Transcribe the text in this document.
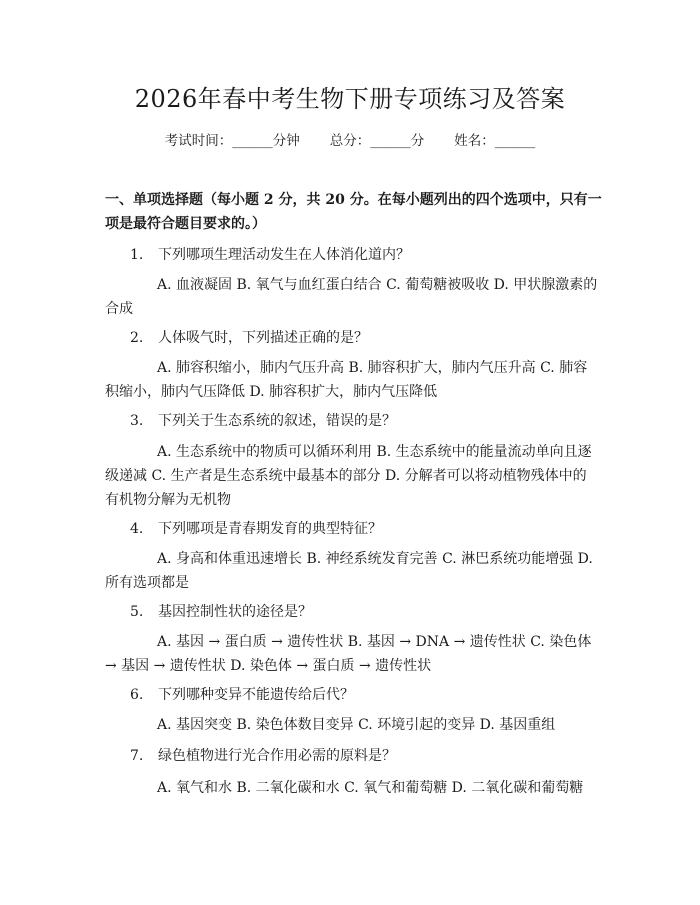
2026年春中考生物下册专项练习及答案
考试时间：______分钟 总分：______分 姓名：______
一、单项选择题（每小题 2 分，共 20 分。在每小题列出的四个选项中，只有一项是最符合题目要求的。）
1. 下列哪项生理活动发生在人体消化道内？
A. 血液凝固 B. 氧气与血红蛋白结合 C. 葡萄糖被吸收 D. 甲状腺激素的合成
2. 人体吸气时，下列描述正确的是？
A. 肺容积缩小，肺内气压升高 B. 肺容积扩大，肺内气压升高 C. 肺容积缩小，肺内气压降低 D. 肺容积扩大，肺内气压降低
3. 下列关于生态系统的叙述，错误的是？
A. 生态系统中的物质可以循环利用 B. 生态系统中的能量流动单向且逐级递减 C. 生产者是生态系统中最基本的部分 D. 分解者可以将动植物残体中的有机物分解为无机物
4. 下列哪项是青春期发育的典型特征？
A. 身高和体重迅速增长 B. 神经系统发育完善 C. 淋巴系统功能增强 D. 所有选项都是
5. 基因控制性状的途径是？
A. 基因 → 蛋白质 → 遗传性状 B. 基因 → DNA → 遗传性状 C. 染色体 → 基因 → 遗传性状 D. 染色体 → 蛋白质 → 遗传性状
6. 下列哪种变异不能遗传给后代？
A. 基因突变 B. 染色体数目变异 C. 环境引起的变异 D. 基因重组
7. 绿色植物进行光合作用必需的原料是？
A. 氧气和水 B. 二氧化碳和水 C. 氧气和葡萄糖 D. 二氧化碳和葡萄糖
